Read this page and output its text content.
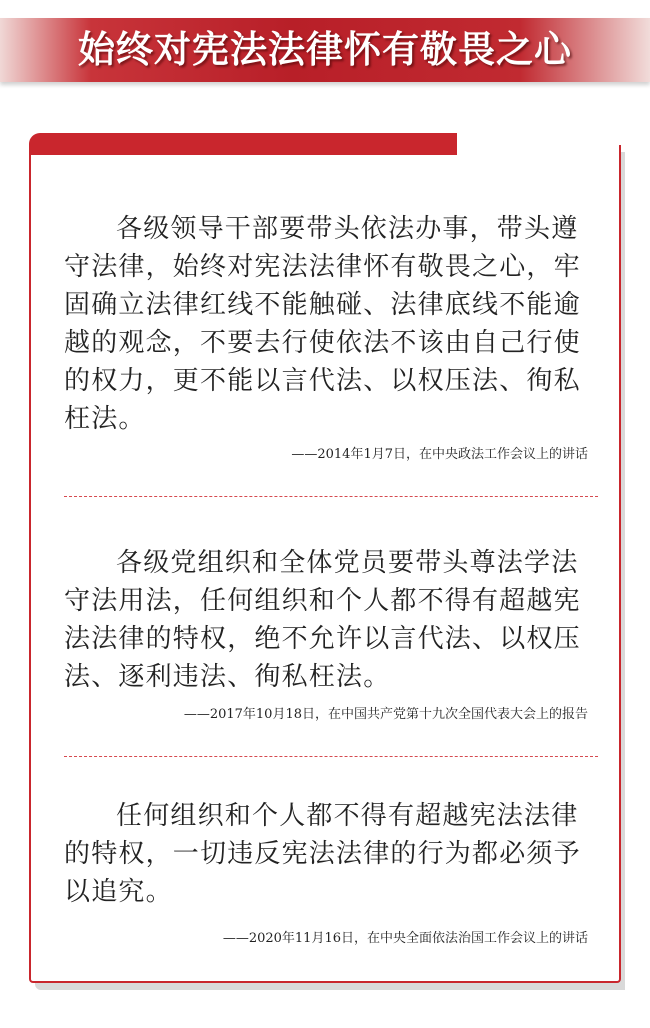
始终对宪法法律怀有敬畏之心

各级领导干部要带头依法办事，带头遵守法律，始终对宪法法律怀有敬畏之心，牢固确立法律红线不能触碰、法律底线不能逾越的观念，不要去行使依法不该由自己行使的权力，更不能以言代法、以权压法、徇私枉法。

——2014年1月7日，在中央政法工作会议上的讲话

各级党组织和全体党员要带头尊法学法守法用法，任何组织和个人都不得有超越宪法法律的特权，绝不允许以言代法、以权压法、逐利违法、徇私枉法。

——2017年10月18日，在中国共产党第十九次全国代表大会上的报告

任何组织和个人都不得有超越宪法法律的特权，一切违反宪法法律的行为都必须予以追究。

——2020年11月16日，在中央全面依法治国工作会议上的讲话
